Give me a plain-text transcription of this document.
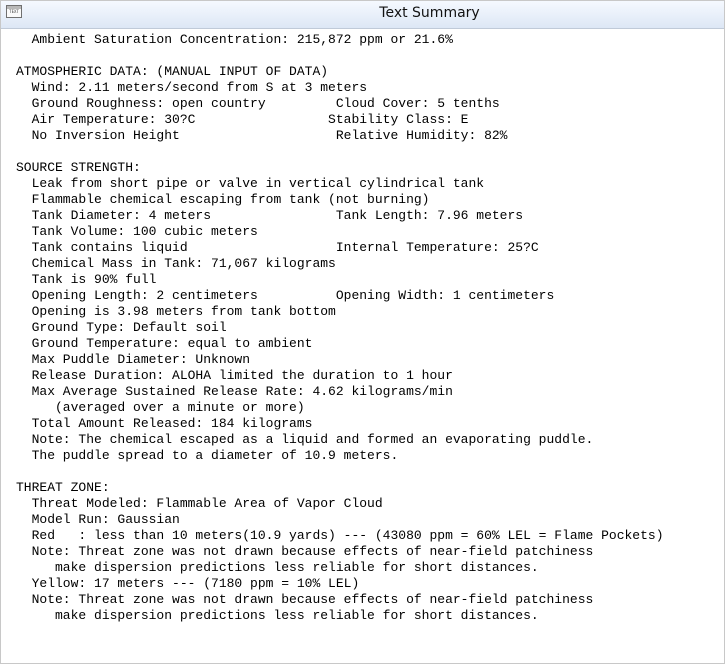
TEXT	Text Summary
Ambient Saturation Concentration: 215,872 ppm or 21.6%
ATMOSPHERIC DATA: (MANUAL INPUT OF DATA)
Wind: 2.11 meters/second from S at 3 meters
Ground Roughness: open country         Cloud Cover: 5 tenths
Air Temperature: 30?C                 Stability Class: E
No Inversion Height                    Relative Humidity: 82%
SOURCE STRENGTH:
Leak from short pipe or valve in vertical cylindrical tank
Flammable chemical escaping from tank (not burning)
Tank Diameter: 4 meters                Tank Length: 7.96 meters
Tank Volume: 100 cubic meters
Tank contains liquid                   Internal Temperature: 25?C
Chemical Mass in Tank: 71,067 kilograms
Tank is 90% full
Opening Length: 2 centimeters          Opening Width: 1 centimeters
Opening is 3.98 meters from tank bottom
Ground Type: Default soil
Ground Temperature: equal to ambient
Max Puddle Diameter: Unknown
Release Duration: ALOHA limited the duration to 1 hour
Max Average Sustained Release Rate: 4.62 kilograms/min
(averaged over a minute or more)
Total Amount Released: 184 kilograms
Note: The chemical escaped as a liquid and formed an evaporating puddle.
The puddle spread to a diameter of 10.9 meters.
THREAT ZONE:
Threat Modeled: Flammable Area of Vapor Cloud
Model Run: Gaussian
Red   : less than 10 meters(10.9 yards) --- (43080 ppm = 60% LEL = Flame Pockets)
Note: Threat zone was not drawn because effects of near-field patchiness
make dispersion predictions less reliable for short distances.
Yellow: 17 meters --- (7180 ppm = 10% LEL)
Note: Threat zone was not drawn because effects of near-field patchiness
make dispersion predictions less reliable for short distances.
